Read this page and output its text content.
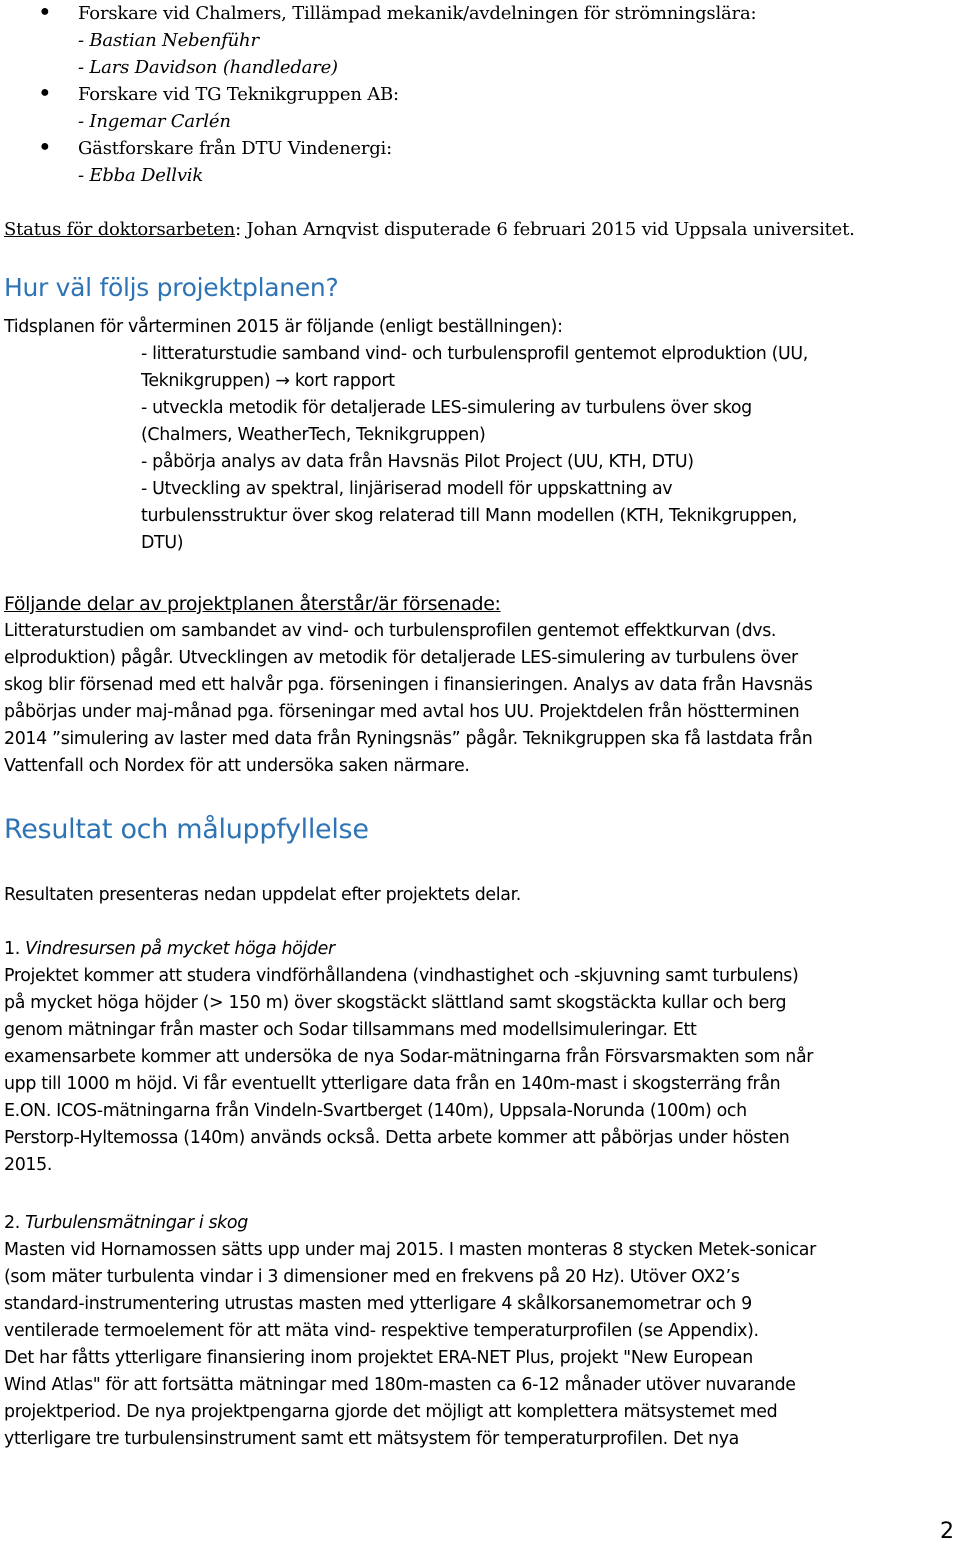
● Forskare vid Chalmers, Tillämpad mekanik/avdelningen för strömningslära:
- Bastian Nebenführ
- Lars Davidson (handledare)
● Forskare vid TG Teknikgruppen AB:
- Ingemar Carlén
● Gästforskare från DTU Vindenergi:
- Ebba Dellvik
Status för doktorsarbeten: Johan Arnqvist disputerade 6 februari 2015 vid Uppsala universitet.
Hur väl följs projektplanen?
Tidsplanen för vårterminen 2015 är följande (enligt beställningen):
- litteraturstudie samband vind- och turbulensprofil gentemot elproduktion (UU,
Teknikgruppen) → kort rapport
- utveckla metodik för detaljerade LES-simulering av turbulens över skog
(Chalmers, WeatherTech, Teknikgruppen)
- påbörja analys av data från Havsnäs Pilot Project (UU, KTH, DTU)
- Utveckling av spektral, linjäriserad modell för uppskattning av
turbulensstruktur över skog relaterad till Mann modellen (KTH, Teknikgruppen,
DTU)
Följande delar av projektplanen återstår/är försenade:
Litteraturstudien om sambandet av vind- och turbulensprofilen gentemot effektkurvan (dvs.
elproduktion) pågår. Utvecklingen av metodik för detaljerade LES-simulering av turbulens över
skog blir försenad med ett halvår pga. förseningen i finansieringen. Analys av data från Havsnäs
påbörjas under maj-månad pga. förseningar med avtal hos UU. Projektdelen från höstterminen
2014 ”simulering av laster med data från Ryningsnäs” pågår. Teknikgruppen ska få lastdata från
Vattenfall och Nordex för att undersöka saken närmare.
Resultat och måluppfyllelse
Resultaten presenteras nedan uppdelat efter projektets delar.
1. Vindresursen på mycket höga höjder
Projektet kommer att studera vindförhållandena (vindhastighet och -skjuvning samt turbulens)
på mycket höga höjder (> 150 m) över skogstäckt slättland samt skogstäckta kullar och berg
genom mätningar från master och Sodar tillsammans med modellsimuleringar. Ett
examensarbete kommer att undersöka de nya Sodar-mätningarna från Försvarsmakten som når
upp till 1000 m höjd. Vi får eventuellt ytterligare data från en 140m-mast i skogsterräng från
E.ON. ICOS-mätningarna från Vindeln-Svartberget (140m), Uppsala-Norunda (100m) och
Perstorp-Hyltemossa (140m) används också. Detta arbete kommer att påbörjas under hösten
2015.
2. Turbulensmätningar i skog
Masten vid Hornamossen sätts upp under maj 2015. I masten monteras 8 stycken Metek-sonicar
(som mäter turbulenta vindar i 3 dimensioner med en frekvens på 20 Hz). Utöver OX2’s
standard-instrumentering utrustas masten med ytterligare 4 skålkorsanemometrar och 9
ventilerade termoelement för att mäta vind- respektive temperaturprofilen (se Appendix).
Det har fåtts ytterligare finansiering inom projektet ERA-NET Plus, projekt "New European
Wind Atlas" för att fortsätta mätningar med 180m-masten ca 6-12 månader utöver nuvarande
projektperiod. De nya projektpengarna gjorde det möjligt att komplettera mätsystemet med
ytterligare tre turbulensinstrument samt ett mätsystem för temperaturprofilen. Det nya
2
